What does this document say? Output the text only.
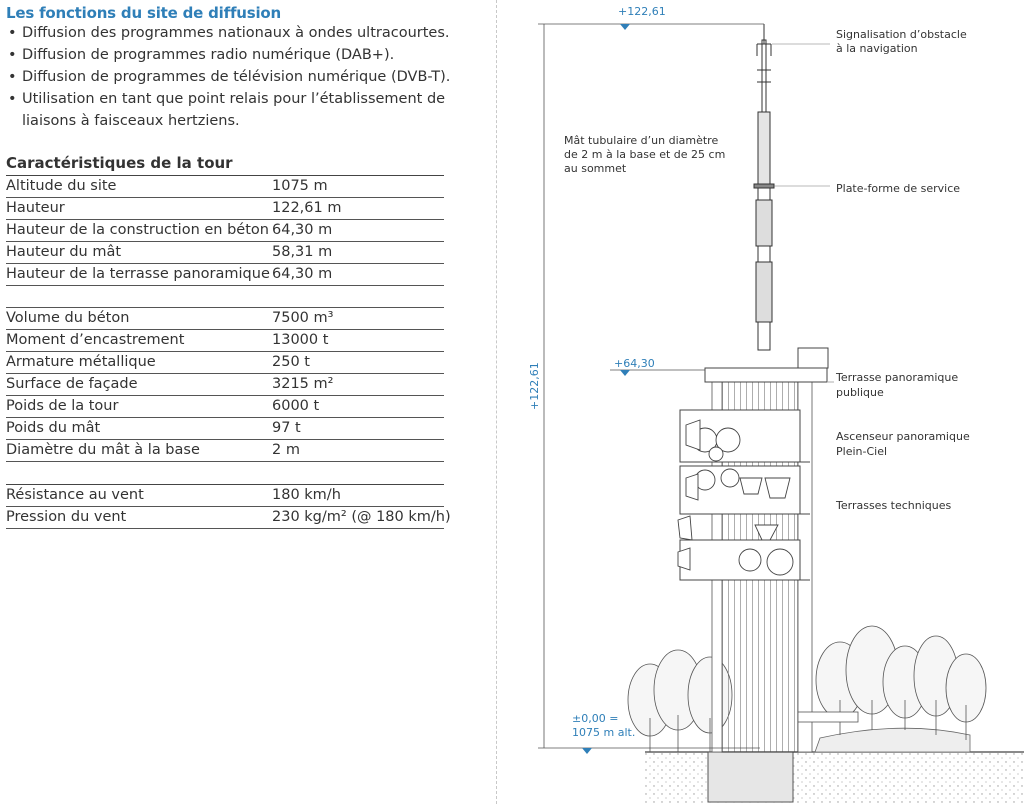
Les fonctions du site de diffusion
• Diffusion des programmes nationaux à ondes ultracourtes.
• Diffusion de programmes radio numérique (DAB+).
• Diffusion de programmes de télévision numérique (DVB-T).
• Utilisation en tant que point relais pour l’établissement de liaisons à faisceaux hertziens.
Caractéristiques de la tour
Altitude du site	1075 m
Hauteur	122,61 m
Hauteur de la construction en béton 64,30 m
Hauteur du mât	58,31 m
Hauteur de la terrasse panoramique 64,30 m
Volume du béton	7500 m³
Moment d’encastrement	13000 t
Armature métallique	250 t
Surface de façade	3215 m²
Poids de la tour	6000 t
Poids du mât	97 t
Diamètre du mât à la base	2 m
Résistance au vent	180 km/h
Pression du vent	230 kg/m² (@ 180 km/h)
+122,61
+122,61	+64,30
±0,00 =
1075 m alt.
Signalisation d’obstacle
à la navigation
Mât tubulaire d’un diamètre
de 2 m à la base et de 25 cm
au sommet
Plate-forme de service
Terrasse panoramique
publique
Ascenseur panoramique
Plein-Ciel
Terrasses techniques
